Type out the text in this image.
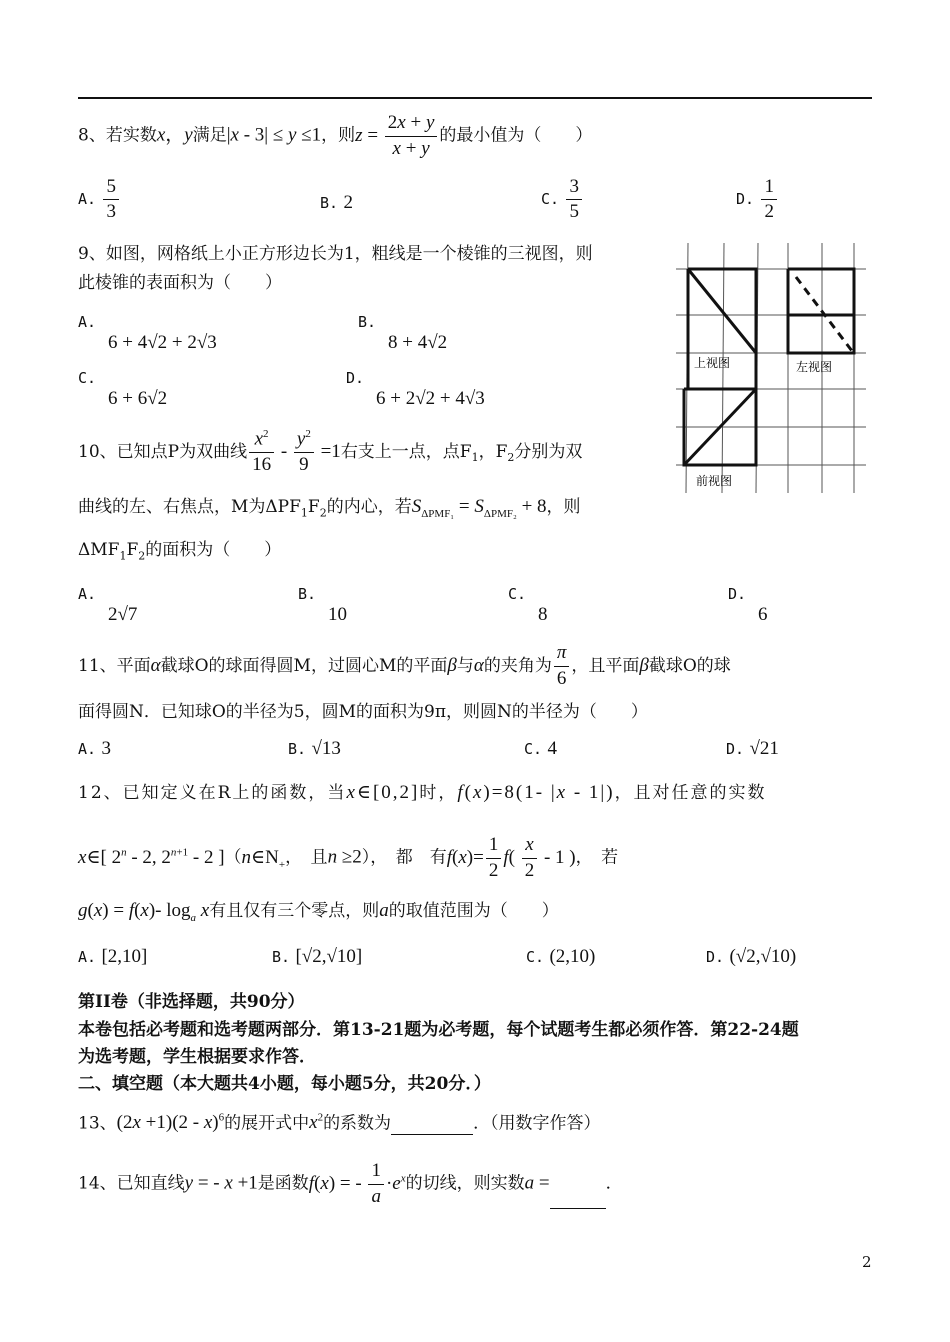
8、若实数x，y满足|x - 3| ≤ y ≤1，则$z = \frac{2x + y}{x + y}$ 的最小值为（　　）
A. $\frac{5}{3}$	B. 2	C. $\frac{3}{5}$	D. $\frac{1}{2}$
9、如图，网格纸上小正方形边长为1，粗线是一个棱锥的三视图，则
此棱锥的表面积为（　　）
A.
6 + 4√2 + 2√3
B.
8 + 4√2
C.
6 + 6√2
D.
6 + 2√2 + 4√3
上视图	左视图
前视图
10、已知点P为双曲线 $\frac{x^2}{16} - \frac{y^2}{9} =1$右支上一点，点$F_1$，$F_2$分别为双
曲线的左、右焦点，M为$\Delta PF_1F_2$的内心，若$S_{\Delta PMF_1} = S_{\Delta PMF_2} + 8$，则
$\Delta MF_1F_2$的面积为（　　）
A.
2√7
B.
10
C.
8
D.
6
11、平面α截球O的球面得圆M，过圆心M的平面β与α的夹角为 $\frac{\pi}{6}$ ，且平面β截球O的球
面得圆N．已知球O的半径为5，圆M的面积为9π，则圆N的半径为（　　）
A. 3	B. √13	C. 4	D. √21
12、已知定义在R上的函数，当x∈[0,2]时，f(x)=8(1- |x - 1|)，且对任意的实数
x∈[ 2$^n$ - 2, $2^{n+1} - 2$ ]（$n\in N_+$，　且n ≥2），　都　有$f(x)= \frac{1}{2} f( \frac{x}{2} - 1$ )，　若
g(x) = f(x)- $\log_a x$有且仅有三个零点，则a的取值范围为（　　）
A. [2,10]	B. [√2,√10]	C. (2,10)	D. (√2,√10)
第II卷（非选择题，共90分）
本卷包括必考题和选考题两部分．第13-21题为必考题，每个试题考生都必须作答．第22-24题
为选考题，学生根据要求作答．
二、填空题（本大题共4小题，每小题5分，共20分．）
13、(2x +1)(2 - x)$^6$的展开式中$x^2$的系数为	．（用数字作答）
14、已知直线y = - x +1是函数f(x) = - $\frac{1}{a} \cdot e^x$的切线，则实数a =	．
2
